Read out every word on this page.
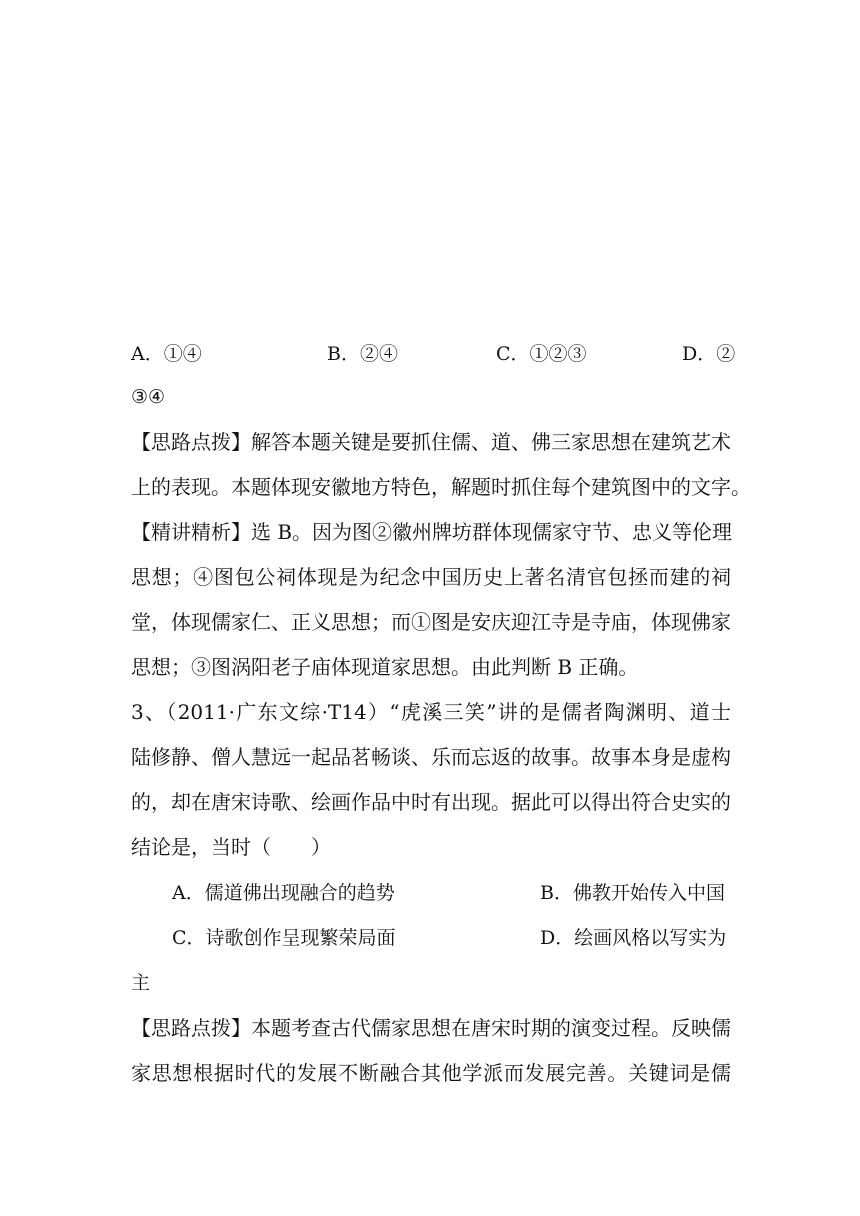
A．①④	B．②④	C．①②③	D．②
③④
【思路点拨】解答本题关键是要抓住儒、道、佛三家思想在建筑艺术
上的表现。本题体现安徽地方特色，解题时抓住每个建筑图中的文字。
【精讲精析】选 B。因为图②徽州牌坊群体现儒家守节、忠义等伦理
思想；④图包公祠体现是为纪念中国历史上著名清官包拯而建的祠
堂，体现儒家仁、正义思想；而①图是安庆迎江寺是寺庙，体现佛家
思想；③图涡阳老子庙体现道家思想。由此判断 B 正确。
3、（2011·广东文综·T14）“虎溪三笑”讲的是儒者陶渊明、道士
陆修静、僧人慧远一起品茗畅谈、乐而忘返的故事。故事本身是虚构
的，却在唐宋诗歌、绘画作品中时有出现。据此可以得出符合史实的
结论是，当时（　　）
A．儒道佛出现融合的趋势	B．佛教开始传入中国
C．诗歌创作呈现繁荣局面	D．绘画风格以写实为
主
【思路点拨】本题考查古代儒家思想在唐宋时期的演变过程。反映儒
家思想根据时代的发展不断融合其他学派而发展完善。关键词是儒
